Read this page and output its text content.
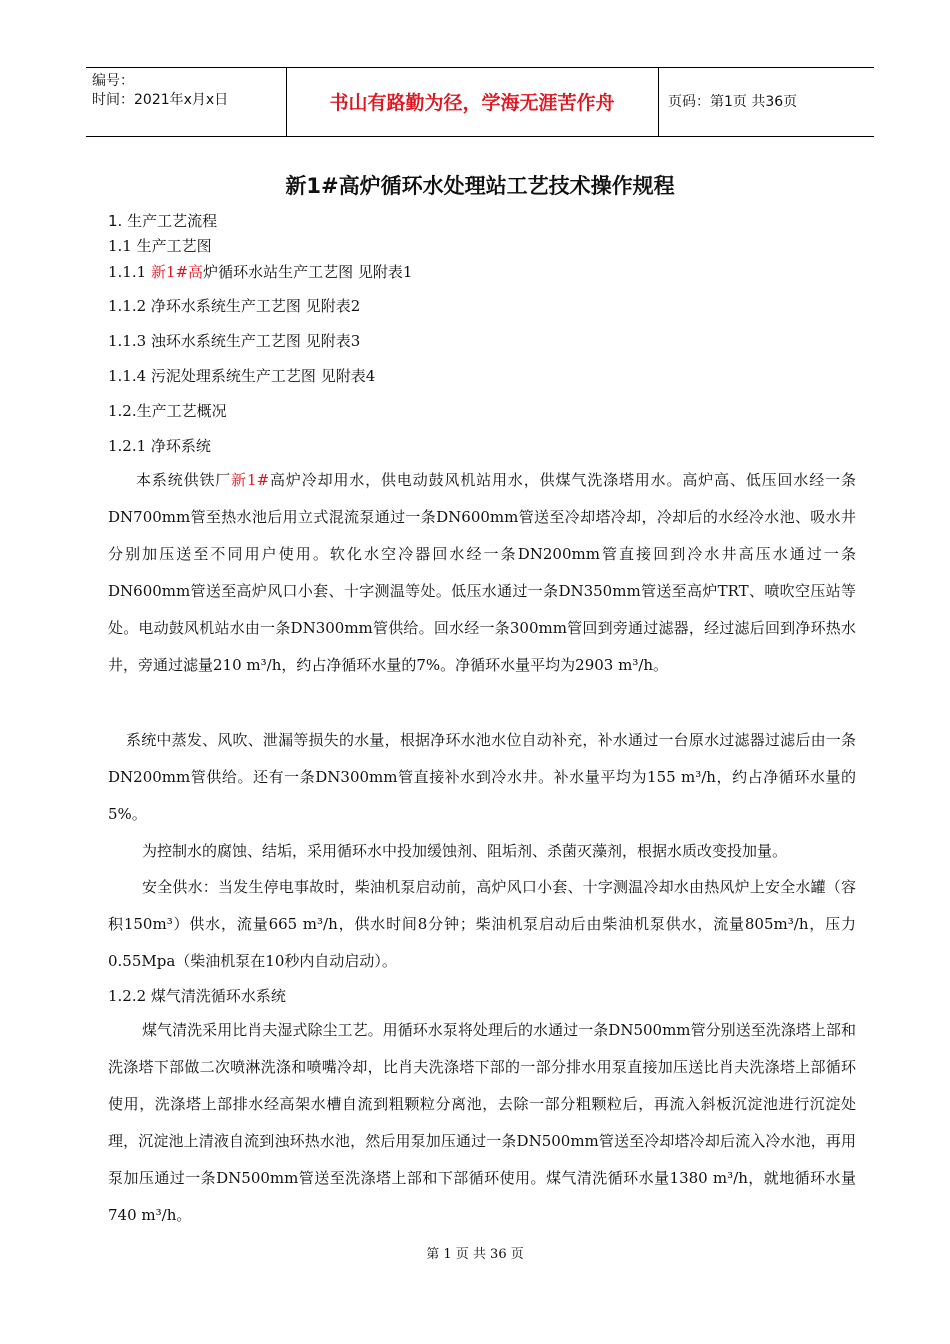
编号：
时间：2021年x月x日	书山有路勤为径，学海无涯苦作舟	页码：第1页 共36页
新1#高炉循环水处理站工艺技术操作规程
1. 生产工艺流程
1.1 生产工艺图
1.1.1 新1#高炉循环水站生产工艺图 见附表1
1.1.2 净环水系统生产工艺图 见附表2
1.1.3 浊环水系统生产工艺图 见附表3
1.1.4 污泥处理系统生产工艺图 见附表4
1.2.生产工艺概况
1.2.1 净环系统

本系统供铁厂新1#高炉冷却用水，供电动鼓风机站用水，供煤气洗涤塔用水。高炉高、低压回水经一条DN700mm管至热水池后用立式混流泵通过一条DN600mm管送至冷却塔冷却，冷却后的水经冷水池、吸水井分别加压送至不同用户使用。软化水空冷器回水经一条DN200mm管直接回到冷水井高压水通过一条DN600mm管送至高炉风口小套、十字测温等处。低压水通过一条DN350mm管送至高炉TRT、喷吹空压站等处。电动鼓风机站水由一条DN300mm管供给。回水经一条300mm管回到旁通过滤器，经过滤后回到净环热水井，旁通过滤量210 m³/h，约占净循环水量的7%。净循环水量平均为2903 m³/h。

系统中蒸发、风吹、泄漏等损失的水量，根据净环水池水位自动补充，补水通过一台原水过滤器过滤后由一条DN200mm管供给。还有一条DN300mm管直接补水到冷水井。补水量平均为155 m³/h，约占净循环水量的5%。

为控制水的腐蚀、结垢，采用循环水中投加缓蚀剂、阻垢剂、杀菌灭藻剂，根据水质改变投加量。

安全供水：当发生停电事故时，柴油机泵启动前，高炉风口小套、十字测温冷却水由热风炉上安全水罐（容积150m³）供水，流量665 m³/h，供水时间8分钟；柴油机泵启动后由柴油机泵供水，流量805m³/h，压力0.55Mpa（柴油机泵在10秒内自动启动）。

1.2.2 煤气清洗循环水系统

煤气清洗采用比肖夫湿式除尘工艺。用循环水泵将处理后的水通过一条DN500mm管分别送至洗涤塔上部和洗涤塔下部做二次喷淋洗涤和喷嘴冷却，比肖夫洗涤塔下部的一部分排水用泵直接加压送比肖夫洗涤塔上部循环使用，洗涤塔上部排水经高架水槽自流到粗颗粒分离池，去除一部分粗颗粒后，再流入斜板沉淀池进行沉淀处理，沉淀池上清液自流到浊环热水池，然后用泵加压通过一条DN500mm管送至冷却塔冷却后流入冷水池，再用泵加压通过一条DN500mm管送至洗涤塔上部和下部循环使用。煤气清洗循环水量1380 m³/h，就地循环水量740 m³/h。

第 1 页 共 36 页
